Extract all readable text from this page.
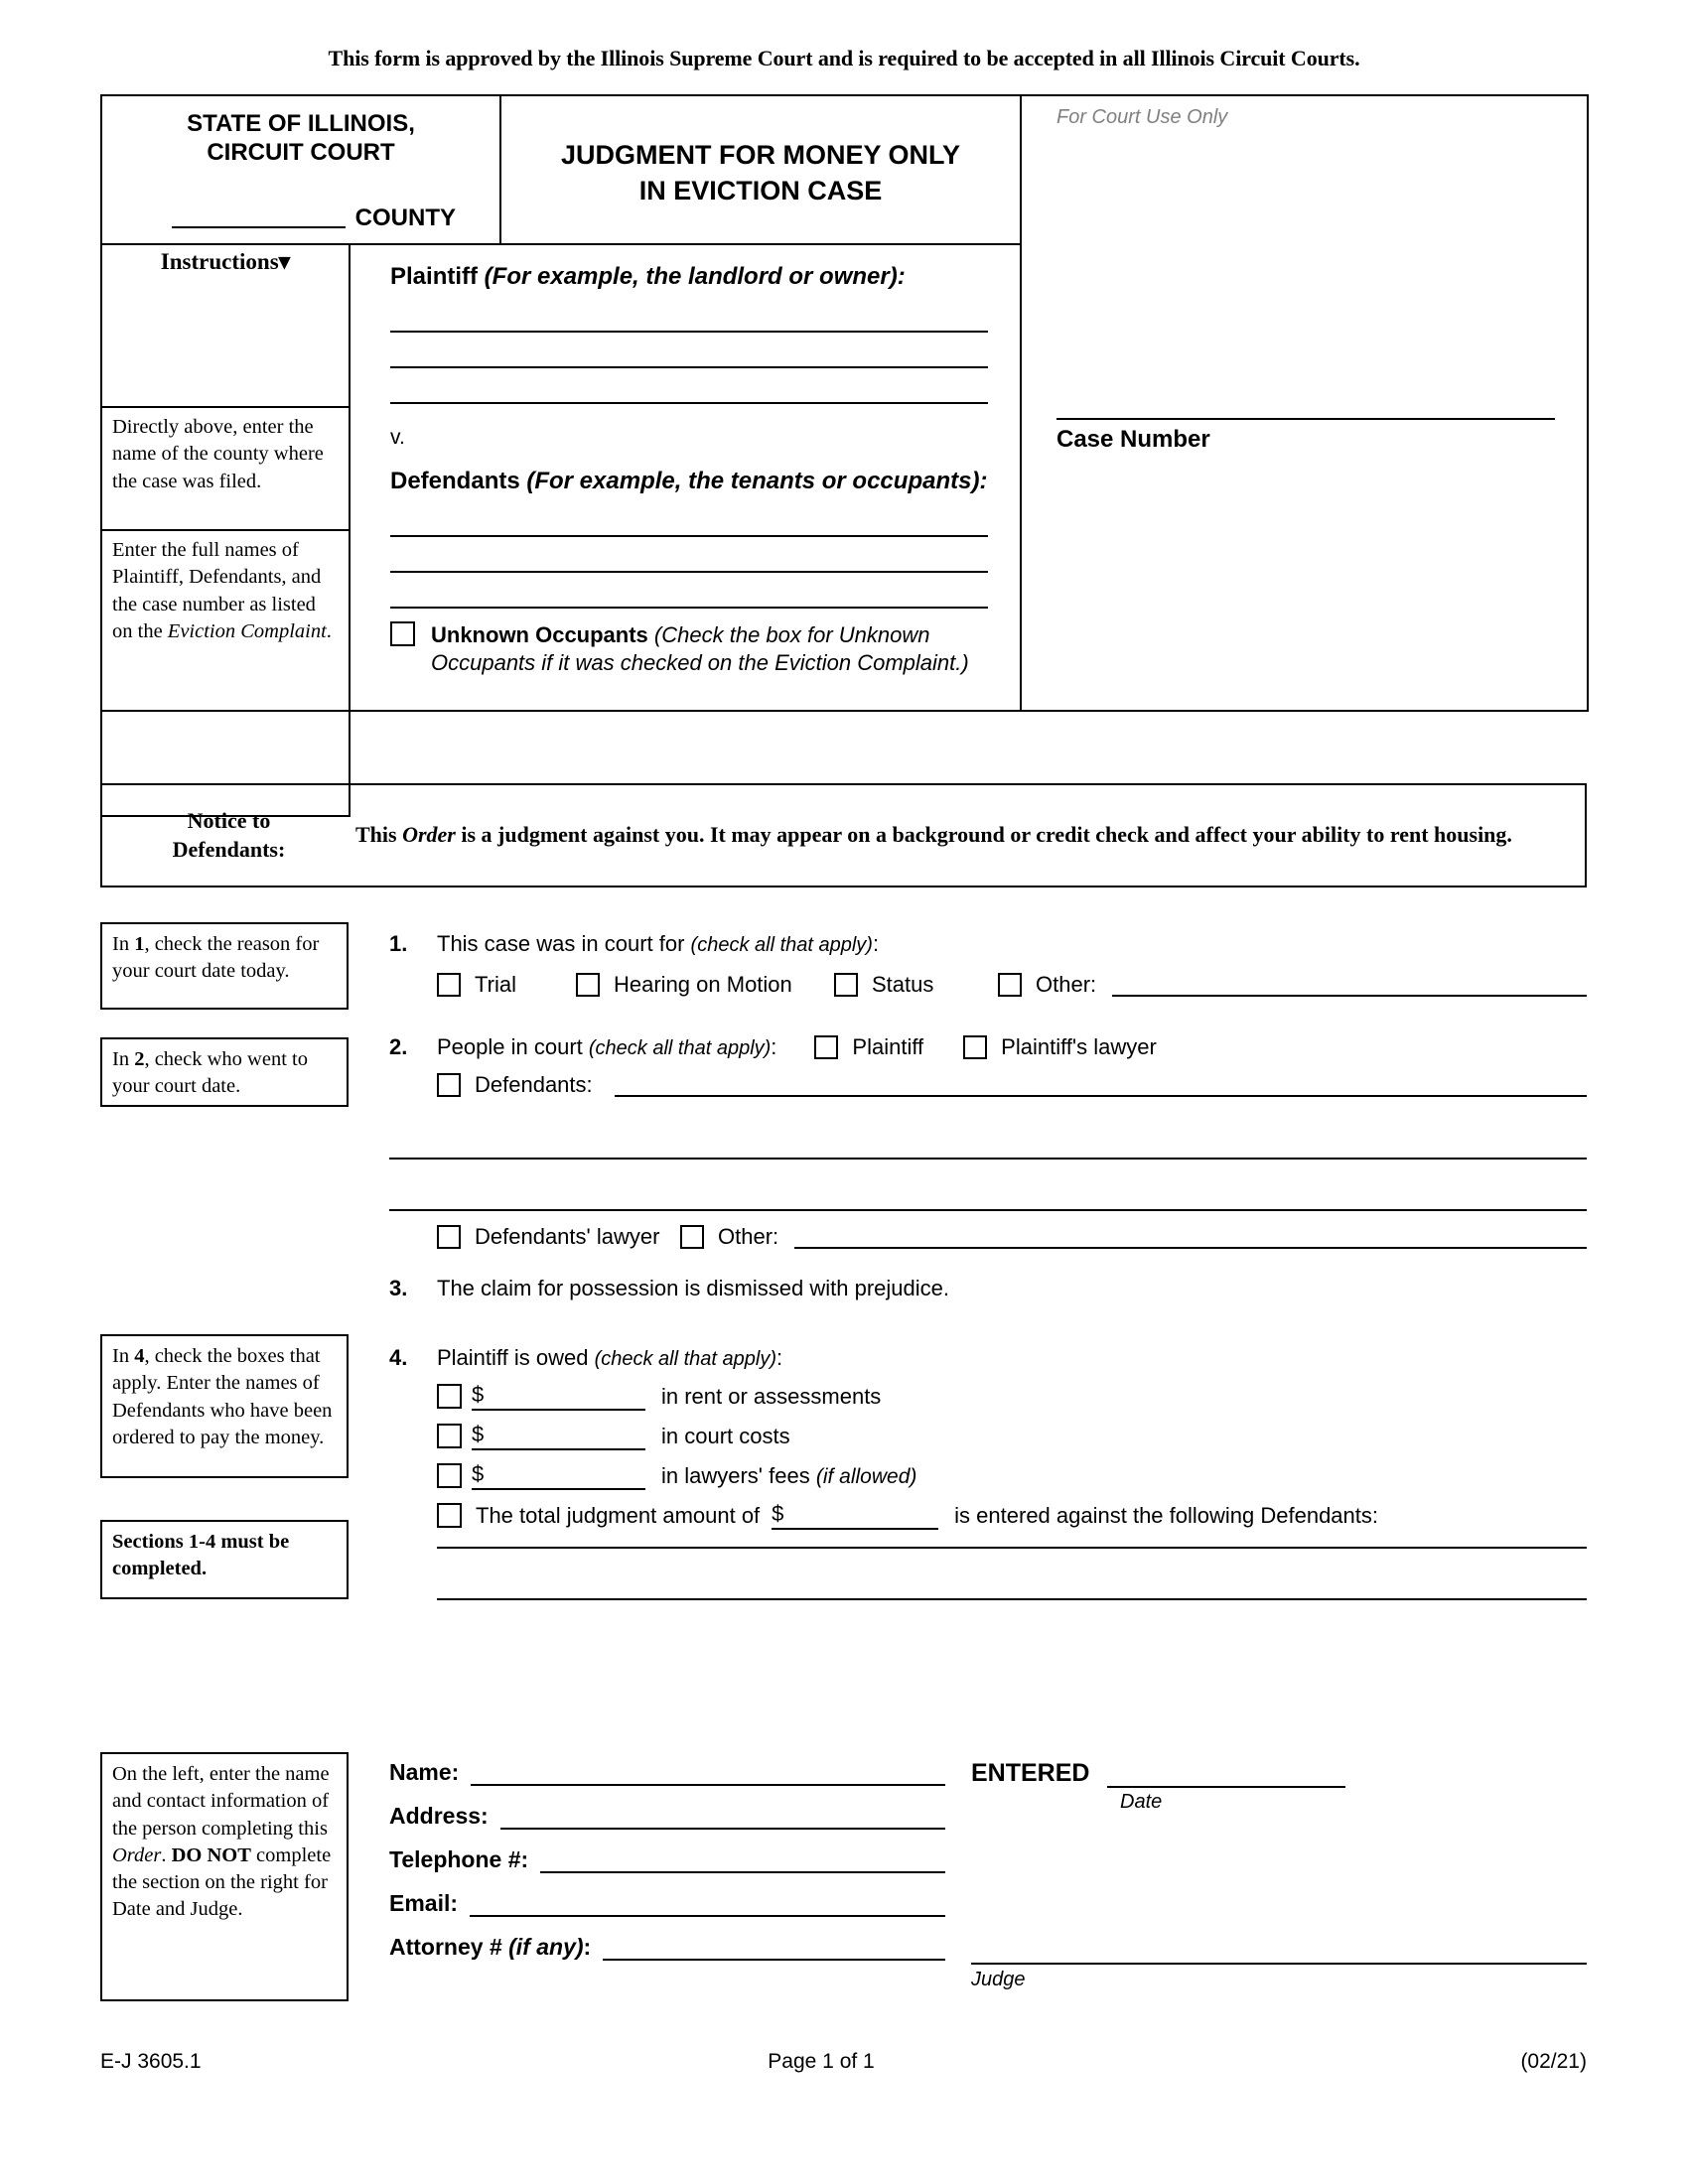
This form is approved by the Illinois Supreme Court and is required to be accepted in all Illinois Circuit Courts.
STATE OF ILLINOIS,
CIRCUIT COURT
COUNTY

JUDGMENT FOR MONEY ONLY
IN EVICTION CASE

For Court Use Only
Case Number

Instructions▾	Plaintiff (For example, the landlord or owner):
v.
Defendants (For example, the tenants or occupants):
Unknown Occupants (Check the box for Unknown
Occupants if it was checked on the Eviction Complaint.)		

Directly above, enter the name of the county where the case was filed.			
Enter the full names of Plaintiff, Defendants, and the case number as listed on the Eviction Complaint.			

Notice to
Defendants:
This Order is a judgment against you. It may appear on a background or credit check and affect your ability to rent housing.
In 1, check the reason for your court date today.
In 2, check who went to your court date.
In 4, check the boxes that apply. Enter the names of Defendants who have been ordered to pay the money.
Sections 1-4 must be completed.
On the left, enter the name and contact information of the person completing this Order. DO NOT complete the section on the right for Date and Judge.
1. This case was in court for (check all that apply):
Trial	Hearing on Motion	Status	Other:
2. People in court (check all that apply):	Plaintiff	Plaintiff's lawyer
Defendants:
Defendants' lawyer	Other:
3. The claim for possession is dismissed with prejudice.
4. Plaintiff is owed (check all that apply):
$	in rent or assessments
$	in court costs
$	in lawyers' fees (if allowed)
The total judgment amount of $	is entered against the following Defendants:
Name:
Address:
Telephone #:
Email:
Attorney # (if any):
ENTERED
Date
Judge
E-J 3605.1	Page 1 of 1	(02/21)
